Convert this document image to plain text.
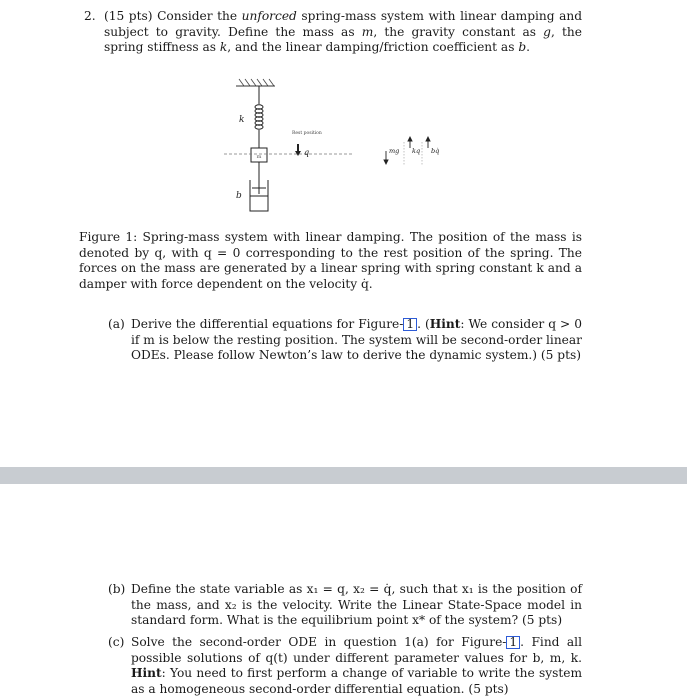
2. (15 pts) Consider the unforced spring-mass system with linear damping and subject to gravity. Define the mass as m, the gravity constant as g, the spring stiffness as k, and the linear damping/friction coefficient as b.
k
b
m
Rest position
q	mg kq bq̇
Figure 1: Spring-mass system with linear damping. The position of the mass is denoted by q, with q = 0 corresponding to the rest position of the spring. The forces on the mass are generated by a linear spring with spring constant k and a damper with force dependent on the velocity q̇.
(a) Derive the differential equations for Figure- 1 . (Hint: We consider q > 0 if m is below the resting position. The system will be second-order linear ODEs. Please follow Newton’s law to derive the dynamic system.) (5 pts)
(b) Define the state variable as x₁ = q, x₂ = q̇, such that x₁ is the position of the mass, and x₂ is the velocity. Write the Linear State-Space model in standard form. What is the equilibrium point x* of the system? (5 pts)
(c) Solve the second-order ODE in question 1(a) for Figure- 1 . Find all possible solutions of q(t) under different parameter values for b, m, k. Hint: You need to first perform a change of variable to write the system as a homogeneous second-order differential equation. (5 pts)
